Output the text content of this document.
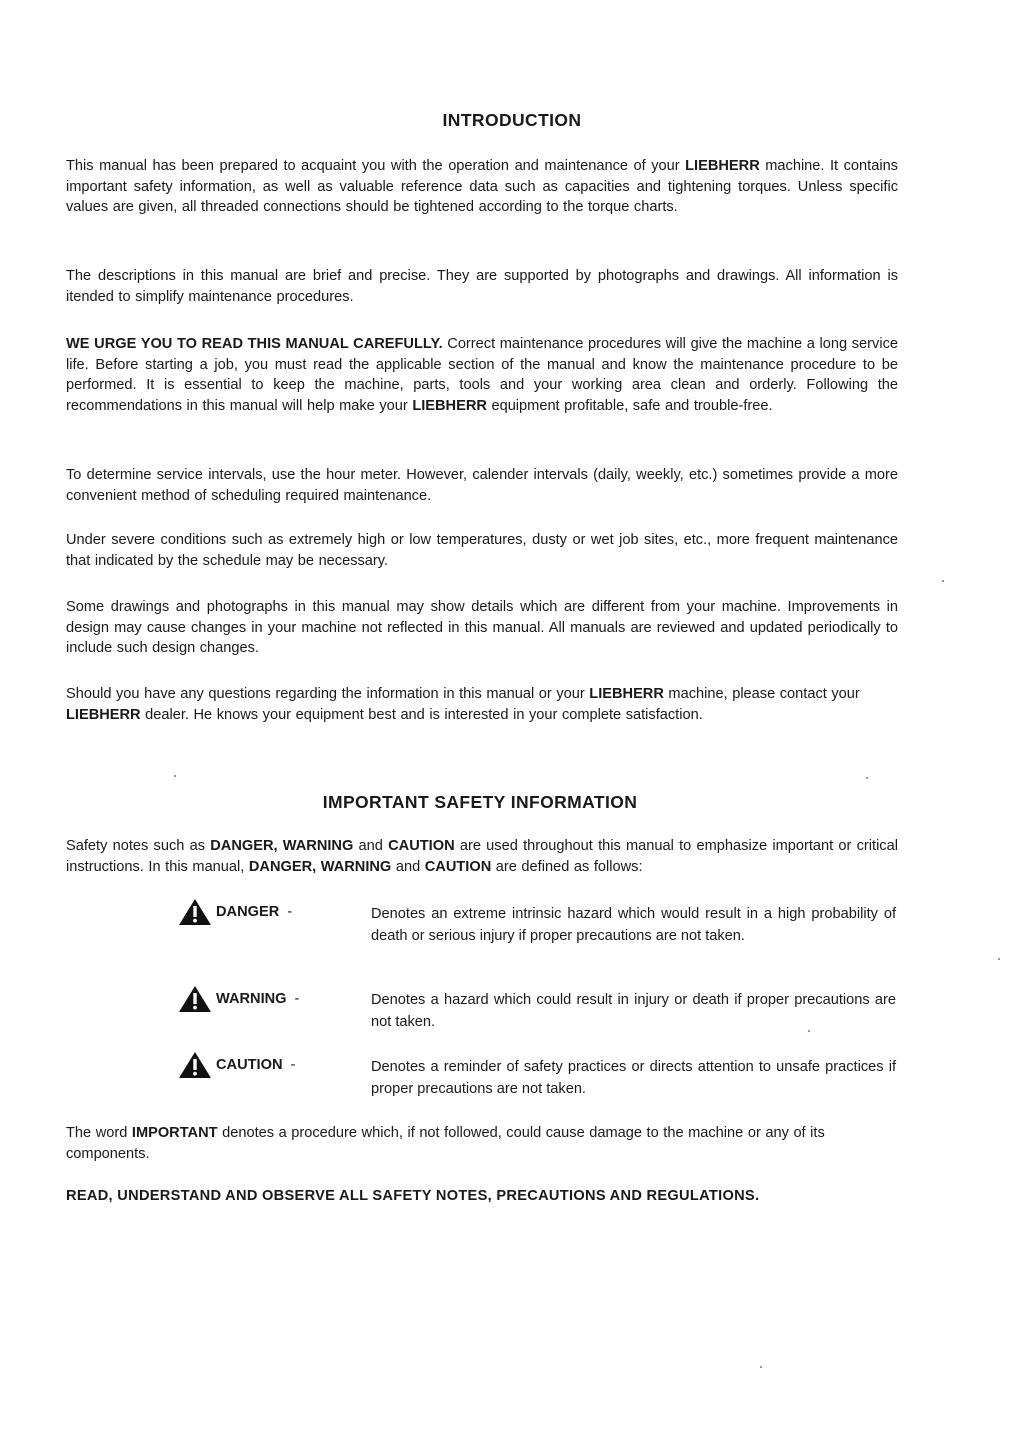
INTRODUCTION

This manual has been prepared to acquaint you with the operation and maintenance of your LIEBHERR machine. It contains important safety information, as well as valuable reference data such as capacities and tightening torques. Unless specific values are given, all threaded connections should be tightened according to the torque charts.

The descriptions in this manual are brief and precise. They are supported by photographs and drawings. All information is itended to simplify maintenance procedures.

WE URGE YOU TO READ THIS MANUAL CAREFULLY. Correct maintenance procedures will give the machine a long service life. Before starting a job, you must read the applicable section of the manual and know the maintenance procedure to be performed. It is essential to keep the machine, parts, tools and your working area clean and orderly. Following the recommendations in this manual will help make your LIEBHERR equipment profitable, safe and trouble-free.

To determine service intervals, use the hour meter. However, calender intervals (daily, weekly, etc.) sometimes provide a more convenient method of scheduling required maintenance.

Under severe conditions such as extremely high or low temperatures, dusty or wet job sites, etc., more frequent maintenance that indicated by the schedule may be necessary.

Some drawings and photographs in this manual may show details which are different from your machine. Improvements in design may cause changes in your machine not reflected in this manual. All manuals are reviewed and updated periodically to include such design changes.

Should you have any questions regarding the information in this manual or your LIEBHERR machine, please contact your LIEBHERR dealer. He knows your equipment best and is interested in your complete satisfaction.

IMPORTANT SAFETY INFORMATION

Safety notes such as DANGER, WARNING and CAUTION are used throughout this manual to emphasize important or critical instructions. In this manual, DANGER, WARNING and CAUTION are defined as follows:

DANGER -	Denotes an extreme intrinsic hazard which would result in a high probability of death or serious injury if proper precautions are not taken.

WARNING -	Denotes a hazard which could result in injury or death if proper precautions are not taken.

CAUTION -	Denotes a reminder of safety practices or directs attention to unsafe practices if proper precautions are not taken.

The word IMPORTANT denotes a procedure which, if not followed, could cause damage to the machine or any of its components.

READ, UNDERSTAND AND OBSERVE ALL SAFETY NOTES, PRECAUTIONS AND REGULATIONS.
